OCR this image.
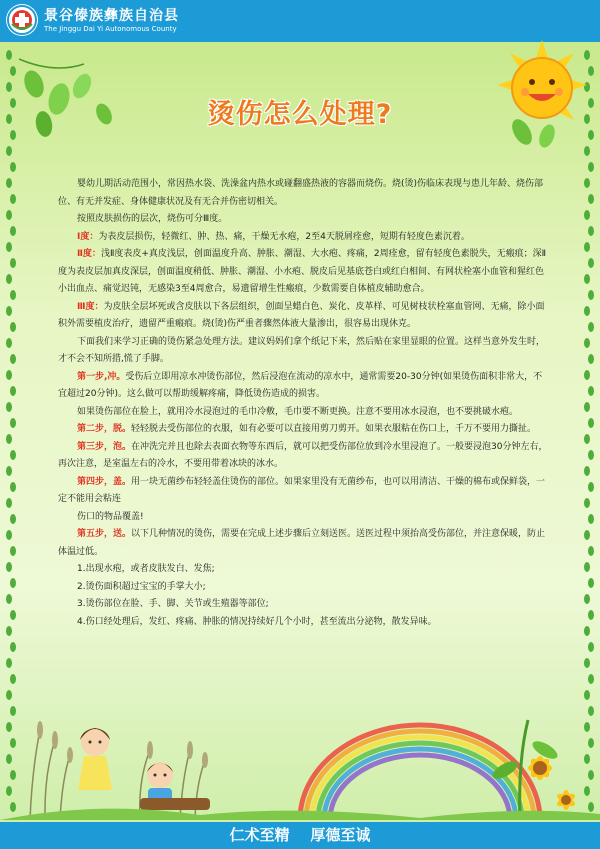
景谷傣族彝族自治县
The Jinggu Dai Yi Autonomous County
烫伤怎么处理?

婴幼儿期活动范围小，常因热水袋、洗澡盆内热水或碰翻盛热液的容器而烧伤。烧(烫)伤临床表现与患儿年龄、烧伤部位、有无并发症、身体健康状况及有无合并伤密切相关。

按照皮肤损伤的层次，烧伤可分Ⅲ度。

Ⅰ度：为表皮层损伤，轻微红、肿、热、痛，干燥无水疱，2至4天脱屑痊愈，短期有轻度色素沉着。

Ⅱ度：浅Ⅱ度表皮+真皮浅层，创面温度升高、肿胀、潮湿、大水疱、疼痛，2周痊愈，留有轻度色素脱失，无瘢痕；深Ⅱ度为表皮层加真皮深层，创面温度稍低、肿胀、潮湿、小水疱、脱皮后见基底苍白或红白相间、有网状栓塞小血管和猩红色小出血点、痛觉迟钝，无感染3至4周愈合，易遗留增生性瘢痕，少数需要自体植皮辅助愈合。

Ⅲ度：为皮肤全层坏死或含皮肤以下各层组织，创面呈蜡白色、炭化、皮革样、可见树枝状栓塞血管网、无痛，除小面积外需要植皮治疗，遗留严重瘢痕。烧(烫)伤严重者骤然体液大量渗出，很容易出现休克。

下面我们来学习正确的烫伤紧急处理方法。建议妈妈们拿个纸记下来，然后贴在家里显眼的位置。这样当意外发生时，才不会不知所措,慌了手脚。

第一步,冲。受伤后立即用凉水冲烫伤部位，然后浸泡在流动的凉水中，通常需要20-30分钟(如果烫伤面积非常大，不宜超过20分钟)。这么做可以帮助缓解疼痛，降低烫伤造成的损害。

如果烫伤部位在脸上，就用冷水浸泡过的毛巾冷敷，毛巾要不断更换。注意不要用冰水浸泡，也不要挑破水疱。

第二步，脱。轻轻脱去受伤部位的衣服，如有必要可以直接用剪刀剪开。如果衣服粘在伤口上，千万不要用力撕扯。

第三步，泡。在冲洗完并且也除去表面衣物等东西后，就可以把受伤部位放到冷水里浸泡了。一般要浸泡30分钟左右，再次注意，是室温左右的冷水，不要用带着冰块的冰水。

第四步，盖。用一块无菌纱布轻轻盖住烫伤的部位。如果家里没有无菌纱布，也可以用清洁、干燥的棉布或保鲜袋，一定不能用会粘连

伤口的物品覆盖!

第五步，送。以下几种情况的烫伤，需要在完成上述步骤后立刻送医。送医过程中须抬高受伤部位，并注意保暖，防止体温过低。

1.出现水疱，或者皮肤发白、发焦;

2.烫伤面积超过宝宝的手掌大小;

3.烫伤部位在脸、手、脚、关节或生殖器等部位;

4.伤口经处理后，发红、疼痛、肿胀的情况持续好几个小时，甚至流出分泌物，散发异味。

仁术至精    厚德至诚
